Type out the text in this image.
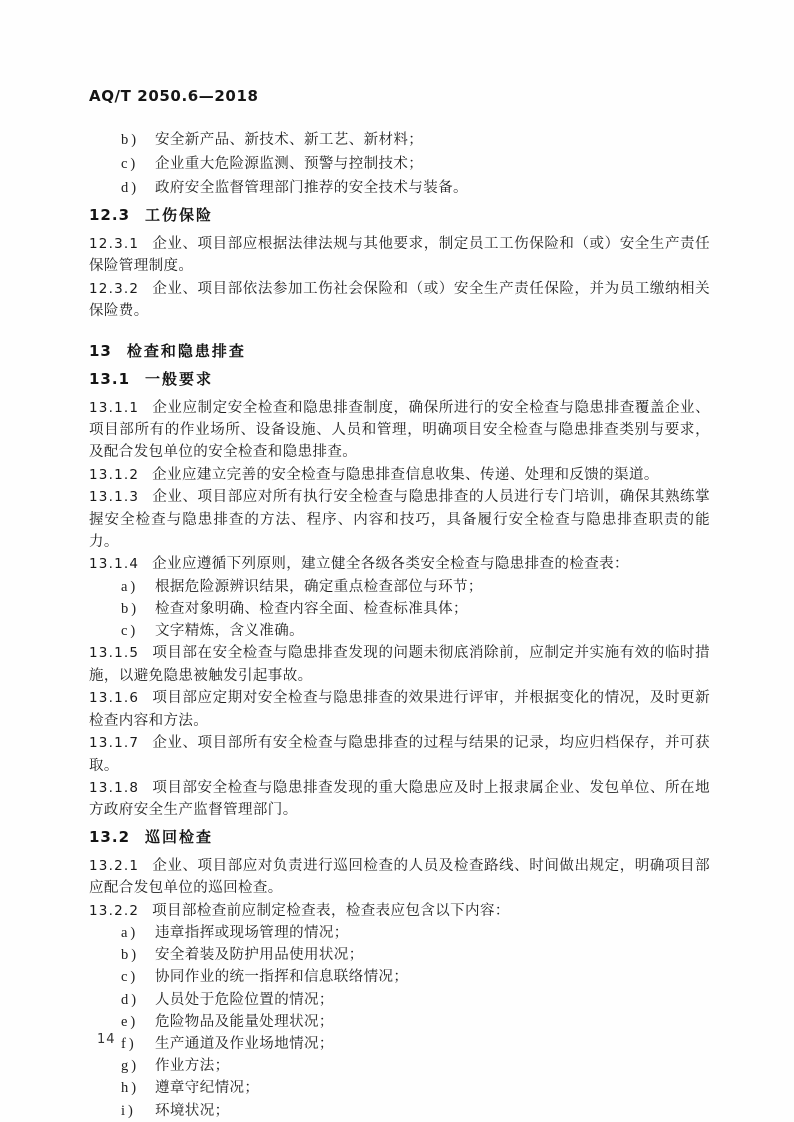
AQ/T 2050.6—2018
b) 安全新产品、新技术、新工艺、新材料；
c) 企业重大危险源监测、预警与控制技术；
d) 政府安全监督管理部门推荐的安全技术与装备。
12.3 工伤保险

12.3.1 企业、项目部应根据法律法规与其他要求，制定员工工伤保险和（或）安全生产责任保险管理制度。

12.3.2 企业、项目部依法参加工伤社会保险和（或）安全生产责任保险，并为员工缴纳相关保险费。

13 检查和隐患排查
13.1 一般要求

13.1.1 企业应制定安全检查和隐患排查制度，确保所进行的安全检查与隐患排查覆盖企业、项目部所有的作业场所、设备设施、人员和管理，明确项目安全检查与隐患排查类别与要求，及配合发包单位的安全检查和隐患排查。

13.1.2 企业应建立完善的安全检查与隐患排查信息收集、传递、处理和反馈的渠道。

13.1.3 企业、项目部应对所有执行安全检查与隐患排查的人员进行专门培训，确保其熟练掌握安全检查与隐患排查的方法、程序、内容和技巧，具备履行安全检查与隐患排查职责的能力。

13.1.4 企业应遵循下列原则，建立健全各级各类安全检查与隐患排查的检查表：

a) 根据危险源辨识结果，确定重点检查部位与环节；
b) 检查对象明确、检查内容全面、检查标准具体；
c) 文字精炼，含义准确。

13.1.5 项目部在安全检查与隐患排查发现的问题未彻底消除前，应制定并实施有效的临时措施，以避免隐患被触发引起事故。

13.1.6 项目部应定期对安全检查与隐患排查的效果进行评审，并根据变化的情况，及时更新检查内容和方法。

13.1.7 企业、项目部所有安全检查与隐患排查的过程与结果的记录，均应归档保存，并可获取。

13.1.8 项目部安全检查与隐患排查发现的重大隐患应及时上报隶属企业、发包单位、所在地方政府安全生产监督管理部门。

13.2 巡回检查

13.2.1 企业、项目部应对负责进行巡回检查的人员及检查路线、时间做出规定，明确项目部应配合发包单位的巡回检查。

13.2.2 项目部检查前应制定检查表，检查表应包含以下内容：

a) 违章指挥或现场管理的情况；
b) 安全着装及防护用品使用状况；
c) 协同作业的统一指挥和信息联络情况；
d) 人员处于危险位置的情况；
e) 危险物品及能量处理状况；
f) 生产通道及作业场地情况；
g) 作业方法；
h) 遵章守纪情况；
i) 环境状况；
14
